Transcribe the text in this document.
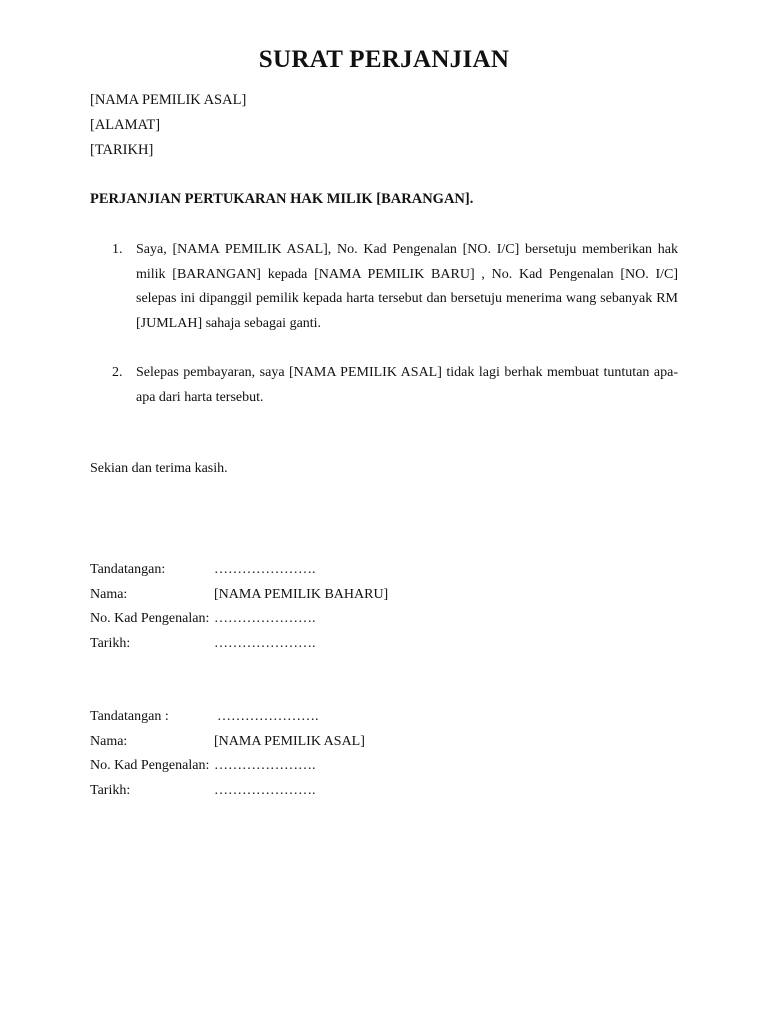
SURAT PERJANJIAN
[NAMA PEMILIK ASAL]
[ALAMAT]
[TARIKH]
PERJANJIAN PERTUKARAN HAK MILIK [BARANGAN].
1. Saya, [NAMA PEMILIK ASAL], No. Kad Pengenalan [NO. I/C] bersetuju memberikan hak milik [BARANGAN] kepada [NAMA PEMILIK BARU] , No. Kad Pengenalan [NO. I/C] selepas ini dipanggil pemilik kepada harta tersebut dan bersetuju menerima wang sebanyak RM [JUMLAH] sahaja sebagai ganti.
2. Selepas pembayaran, saya [NAMA PEMILIK ASAL] tidak lagi berhak membuat tuntutan apa-apa dari harta tersebut.
Sekian dan terima kasih.
Tandatangan:	………………….
Nama:	[NAMA PEMILIK BAHARU]
No. Kad Pengenalan: ………………….
Tarikh:	………………….
Tandatangan :	………………….
Nama:	[NAMA PEMILIK ASAL]
No. Kad Pengenalan: ………………….
Tarikh:	………………….
